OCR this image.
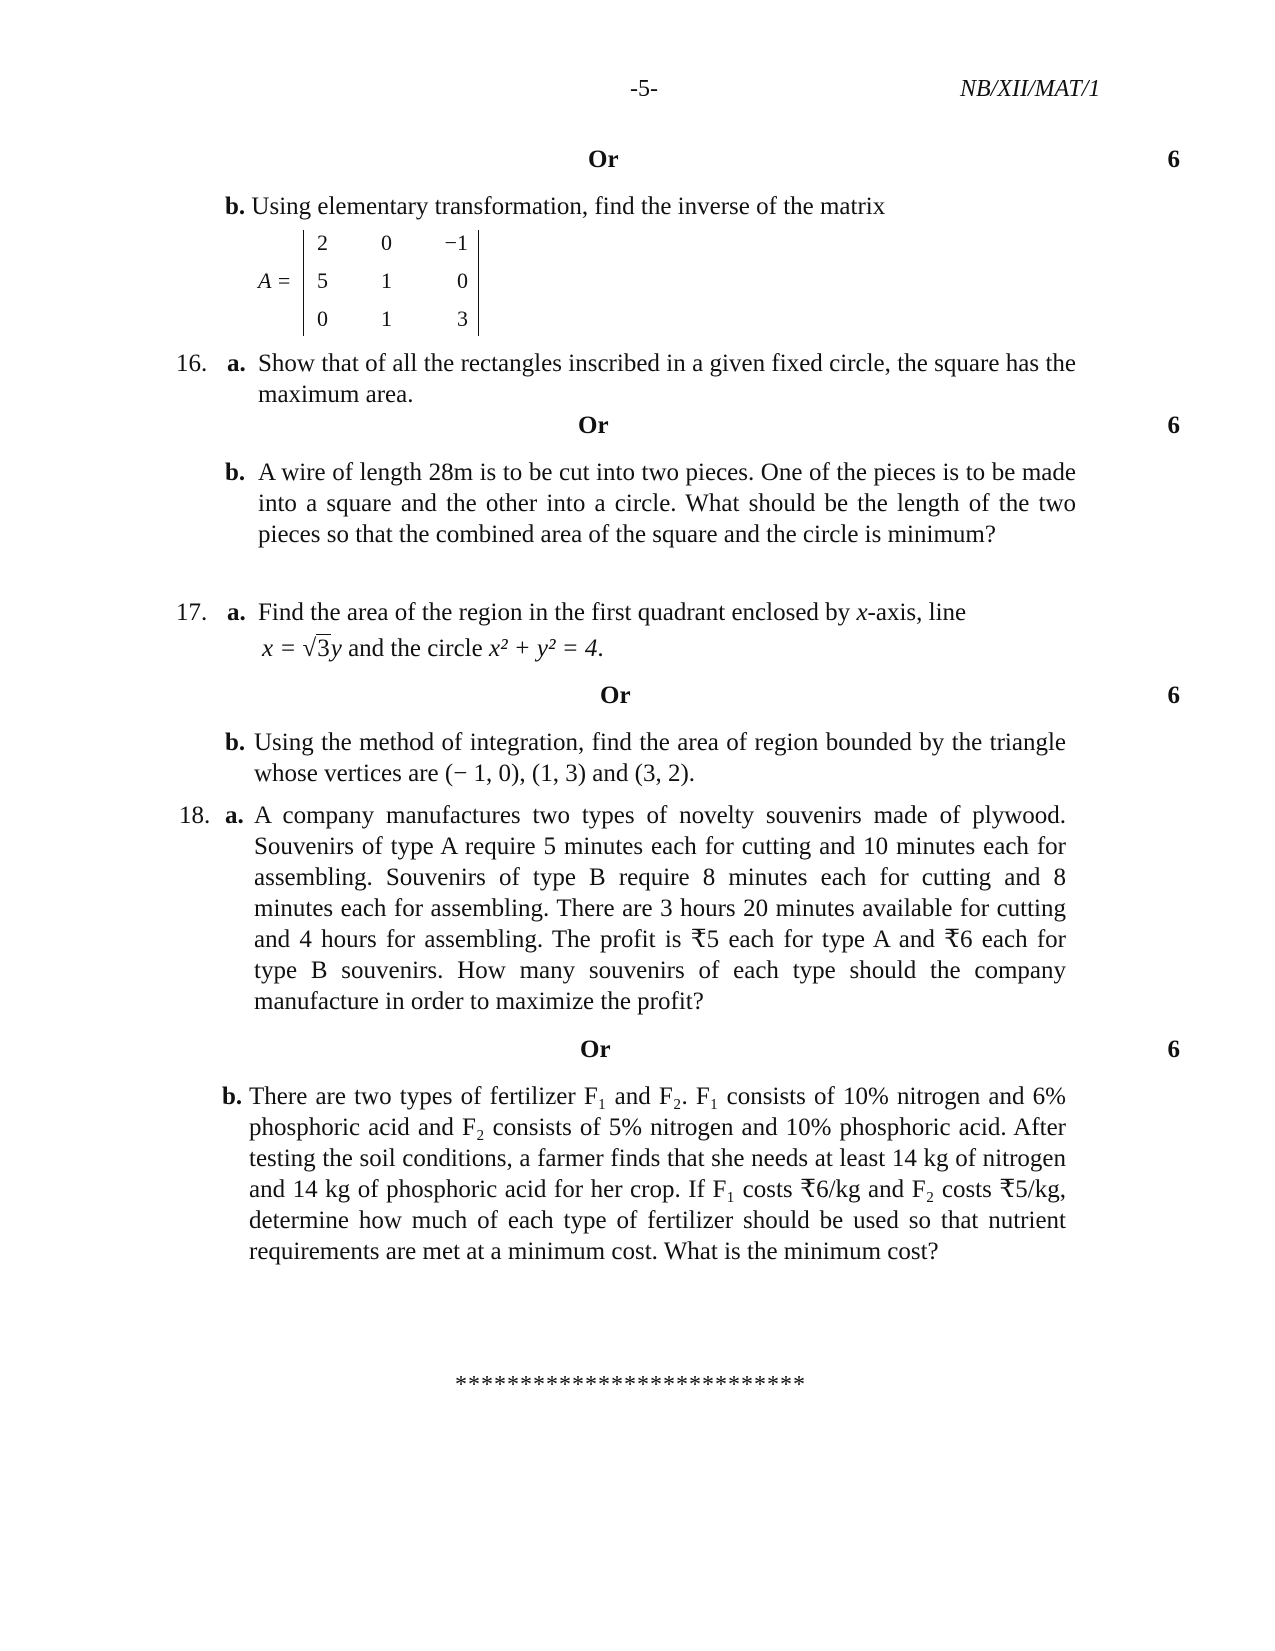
-5-	NB/XII/MAT/1
Or	6
b. Using elementary transformation, find the inverse of the matrix
A =
2	0	−1
5	1	0
0	1	3
16. a. Show that of all the rectangles inscribed in a given fixed circle, the square has the maximum area.
Or	6
b. A wire of length 28m is to be cut into two pieces. One of the pieces is to be made into a square and the other into a circle. What should be the length of the two pieces so that the combined area of the square and the circle is minimum?
17. a. Find the area of the region in the first quadrant enclosed by x-axis, line
x = √3y and the circle x² + y² = 4.
Or	6
b. Using the method of integration, find the area of region bounded by the triangle whose vertices are (− 1, 0), (1, 3) and (3, 2).
18. a. A company manufactures two types of novelty souvenirs made of plywood. Souvenirs of type A require 5 minutes each for cutting and 10 minutes each for assembling. Souvenirs of type B require 8 minutes each for cutting and 8 minutes each for assembling. There are 3 hours 20 minutes available for cutting and 4 hours for assembling. The profit is ₹5 each for type A and ₹6 each for type B souvenirs. How many souvenirs of each type should the company manufacture in order to maximize the profit?
Or	6
b. There are two types of fertilizer F₁ and F₂. F₁ consists of 10% nitrogen and 6% phosphoric acid and F₂ consists of 5% nitrogen and 10% phosphoric acid. After testing the soil conditions, a farmer finds that she needs at least 14 kg of nitrogen and 14 kg of phosphoric acid for her crop. If F₁ costs ₹6/kg and F₂ costs ₹5/kg, determine how much of each type of fertilizer should be used so that nutrient requirements are met at a minimum cost. What is the minimum cost?
***************************
